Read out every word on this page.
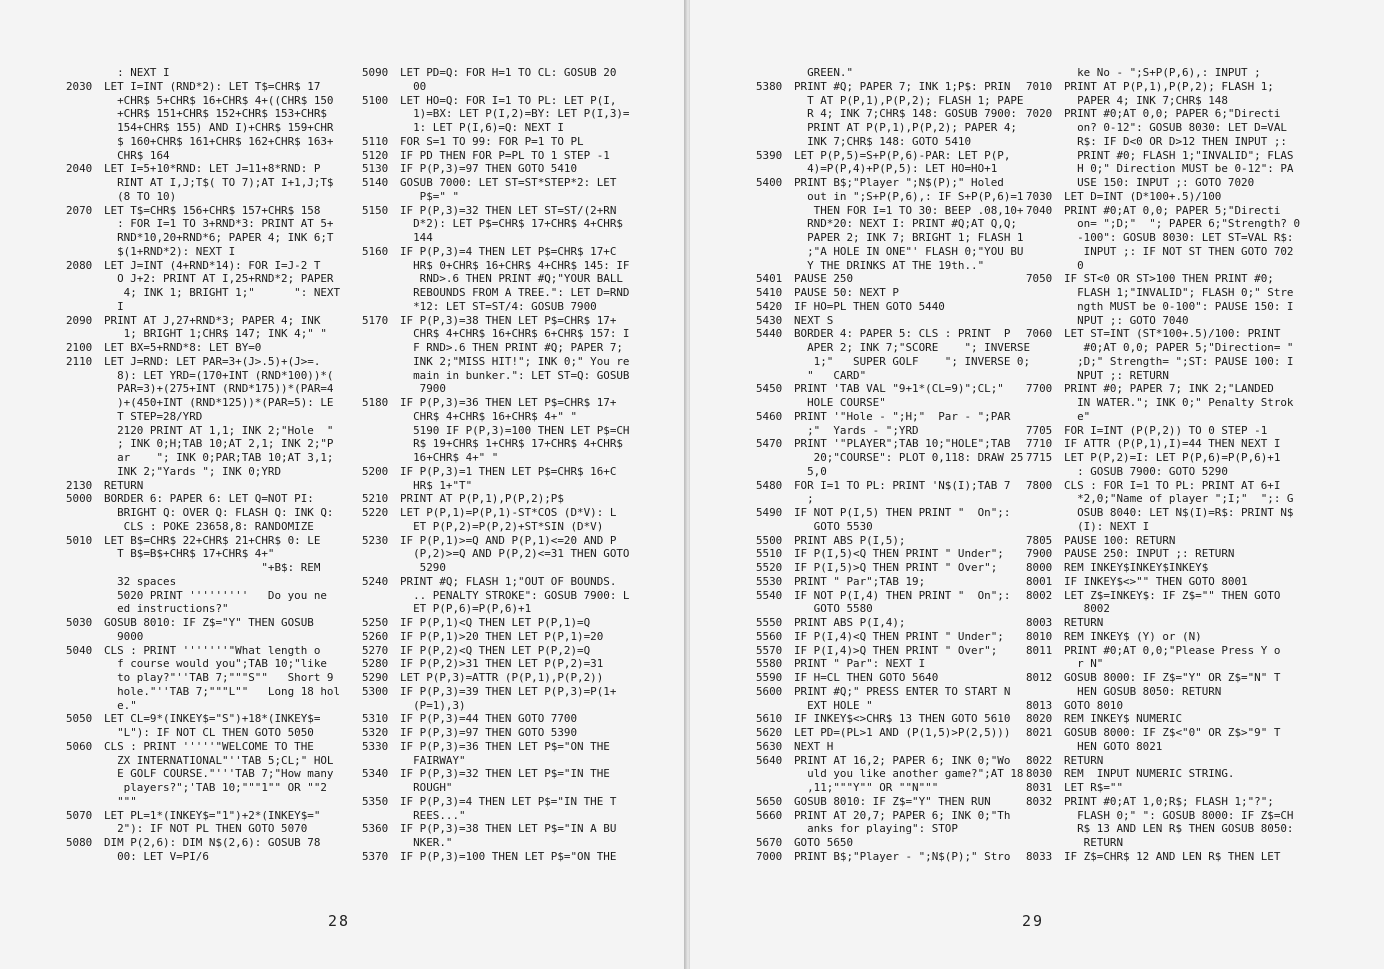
: NEXT I
2030 LET I=INT (RND*2): LET T$=CHR$ 17
+CHR$ 5+CHR$ 16+CHR$ 4+((CHR$ 150
+CHR$ 151+CHR$ 152+CHR$ 153+CHR$
154+CHR$ 155) AND I)+CHR$ 159+CHR
$ 160+CHR$ 161+CHR$ 162+CHR$ 163+
CHR$ 164
2040 LET I=5+10*RND: LET J=11+8*RND: P
RINT AT I,J;T$( TO 7);AT I+1,J;T$
(8 TO 10)
2070 LET T$=CHR$ 156+CHR$ 157+CHR$ 158
: FOR I=1 TO 3+RND*3: PRINT AT 5+
RND*10,20+RND*6; PAPER 4; INK 6;T
$(1+RND*2): NEXT I
2080 LET J=INT (4+RND*14): FOR I=J-2 T
O J+2: PRINT AT I,25+RND*2; PAPER
4; INK 1; BRIGHT 1;"      ": NEXT
I
2090 PRINT AT J,27+RND*3; PAPER 4; INK
1; BRIGHT 1;CHR$ 147; INK 4;" "
2100 LET BX=5+RND*8: LET BY=0
2110 LET J=RND: LET PAR=3+(J>.5)+(J>=.
8): LET YRD=(170+INT (RND*100))*(
PAR=3)+(275+INT (RND*175))*(PAR=4
)+(450+INT (RND*125))*(PAR=5): LE
T STEP=28/YRD
2120 PRINT AT 1,1; INK 2;"Hole  "
; INK 0;H;TAB 10;AT 2,1; INK 2;"P
ar    "; INK 0;PAR;TAB 10;AT 3,1;
INK 2;"Yards "; INK 0;YRD
2130 RETURN
5000 BORDER 6: PAPER 6: LET Q=NOT PI:
BRIGHT Q: OVER Q: FLASH Q: INK Q:
CLS : POKE 23658,8: RANDOMIZE
5010 LET B$=CHR$ 22+CHR$ 21+CHR$ 0: LE
T B$=B$+CHR$ 17+CHR$ 4+"
"+B$: REM
32 spaces
5020 PRINT '''''''''   Do you ne
ed instructions?"
5030 GOSUB 8010: IF Z$="Y" THEN GOSUB
9000
5040 CLS : PRINT '''''''"What length o
f course would you";TAB 10;"like
to play?"''TAB 7;"""S""   Short 9
hole."''TAB 7;"""L""   Long 18 hol
e."
5050 LET CL=9*(INKEY$="S")+18*(INKEY$=
"L"): IF NOT CL THEN GOTO 5050
5060 CLS : PRINT '''''"WELCOME TO THE
ZX INTERNATIONAL"''TAB 5;CL;" HOL
E GOLF COURSE."'''TAB 7;"How many
players?";'TAB 10;"""1"" OR ""2
"""
5070 LET PL=1*(INKEY$="1")+2*(INKEY$="
2"): IF NOT PL THEN GOTO 5070
5080 DIM P(2,6): DIM N$(2,6): GOSUB 78
00: LET V=PI/6
5090 LET PD=Q: FOR H=1 TO CL: GOSUB 20
00
5100 LET HO=Q: FOR I=1 TO PL: LET P(I,
1)=BX: LET P(I,2)=BY: LET P(I,3)=
1: LET P(I,6)=Q: NEXT I
5110 FOR S=1 TO 99: FOR P=1 TO PL
5120 IF PD THEN FOR P=PL TO 1 STEP -1
5130 IF P(P,3)=97 THEN GOTO 5410
5140 GOSUB 7000: LET ST=ST*STEP*2: LET
P$=" "
5150 IF P(P,3)=32 THEN LET ST=ST/(2+RN
D*2): LET P$=CHR$ 17+CHR$ 4+CHR$
144
5160 IF P(P,3)=4 THEN LET P$=CHR$ 17+C
HR$ 0+CHR$ 16+CHR$ 4+CHR$ 145: IF
RND>.6 THEN PRINT #Q;"YOUR BALL
REBOUNDS FROM A TREE.": LET D=RND
*12: LET ST=ST/4: GOSUB 7900
5170 IF P(P,3)=38 THEN LET P$=CHR$ 17+
CHR$ 4+CHR$ 16+CHR$ 6+CHR$ 157: I
F RND>.6 THEN PRINT #Q; PAPER 7;
INK 2;"MISS HIT!"; INK 0;" You re
main in bunker.": LET ST=Q: GOSUB
7900
5180 IF P(P,3)=36 THEN LET P$=CHR$ 17+
CHR$ 4+CHR$ 16+CHR$ 4+" "
5190 IF P(P,3)=100 THEN LET P$=CH
R$ 19+CHR$ 1+CHR$ 17+CHR$ 4+CHR$
16+CHR$ 4+" "
5200 IF P(P,3)=1 THEN LET P$=CHR$ 16+C
HR$ 1+"T"
5210 PRINT AT P(P,1),P(P,2);P$
5220 LET P(P,1)=P(P,1)-ST*COS (D*V): L
ET P(P,2)=P(P,2)+ST*SIN (D*V)
5230 IF P(P,1)>=Q AND P(P,1)<=20 AND P
(P,2)>=Q AND P(P,2)<=31 THEN GOTO
5290
5240 PRINT #Q; FLASH 1;"OUT OF BOUNDS.
.. PENALTY STROKE": GOSUB 7900: L
ET P(P,6)=P(P,6)+1
5250 IF P(P,1)<Q THEN LET P(P,1)=Q
5260 IF P(P,1)>20 THEN LET P(P,1)=20
5270 IF P(P,2)<Q THEN LET P(P,2)=Q
5280 IF P(P,2)>31 THEN LET P(P,2)=31
5290 LET P(P,3)=ATTR (P(P,1),P(P,2))
5300 IF P(P,3)=39 THEN LET P(P,3)=P(1+
(P=1),3)
5310 IF P(P,3)=44 THEN GOTO 7700
5320 IF P(P,3)=97 THEN GOTO 5390
5330 IF P(P,3)=36 THEN LET P$="ON THE
FAIRWAY"
5340 IF P(P,3)=32 THEN LET P$="IN THE
ROUGH"
5350 IF P(P,3)=4 THEN LET P$="IN THE T
REES..."
5360 IF P(P,3)=38 THEN LET P$="IN A BU
NKER."
5370 IF P(P,3)=100 THEN LET P$="ON THE
28
GREEN."
5380 PRINT #Q; PAPER 7; INK 1;P$: PRIN
T AT P(P,1),P(P,2); FLASH 1; PAPE
R 4; INK 7;CHR$ 148: GOSUB 7900:
PRINT AT P(P,1),P(P,2); PAPER 4;
INK 7;CHR$ 148: GOTO 5410
5390 LET P(P,5)=S+P(P,6)-PAR: LET P(P,
4)=P(P,4)+P(P,5): LET HO=HO+1
5400 PRINT B$;"Player ";N$(P);" Holed
out in ";S+P(P,6),: IF S+P(P,6)=1
THEN FOR I=1 TO 30: BEEP .08,10+
RND*20: NEXT I: PRINT #Q;AT Q,Q;
PAPER 2; INK 7; BRIGHT 1; FLASH 1
;"A HOLE IN ONE"' FLASH 0;"YOU BU
Y THE DRINKS AT THE 19th.."
5401 PAUSE 250
5410 PAUSE 50: NEXT P
5420 IF HO=PL THEN GOTO 5440
5430 NEXT S
5440 BORDER 4: PAPER 5: CLS : PRINT  P
APER 2; INK 7;"SCORE    "; INVERSE
1;"   SUPER GOLF    "; INVERSE 0;
"   CARD"
5450 PRINT 'TAB VAL "9+1*(CL=9)";CL;"
HOLE COURSE"
5460 PRINT '"Hole - ";H;"  Par - ";PAR
;"  Yards - ";YRD
5470 PRINT '"PLAYER";TAB 10;"HOLE";TAB
20;"COURSE": PLOT 0,118: DRAW 25
5,0
5480 FOR I=1 TO PL: PRINT 'N$(I);TAB 7
;
5490 IF NOT P(I,5) THEN PRINT "  On";:
GOTO 5530
5500 PRINT ABS P(I,5);
5510 IF P(I,5)<Q THEN PRINT " Under";
5520 IF P(I,5)>Q THEN PRINT " Over";
5530 PRINT " Par";TAB 19;
5540 IF NOT P(I,4) THEN PRINT "  On";:
GOTO 5580
5550 PRINT ABS P(I,4);
5560 IF P(I,4)<Q THEN PRINT " Under";
5570 IF P(I,4)>Q THEN PRINT " Over";
5580 PRINT " Par": NEXT I
5590 IF H=CL THEN GOTO 5640
5600 PRINT #Q;" PRESS ENTER TO START N
EXT HOLE "
5610 IF INKEY$<>CHR$ 13 THEN GOTO 5610
5620 LET PD=(PL>1 AND (P(1,5)>P(2,5)))
5630 NEXT H
5640 PRINT AT 16,2; PAPER 6; INK 0;"Wo
uld you like another game?";AT 18
,11;"""Y"" OR ""N"""
5650 GOSUB 8010: IF Z$="Y" THEN RUN
5660 PRINT AT 20,7; PAPER 6; INK 0;"Th
anks for playing": STOP
5670 GOTO 5650
7000 PRINT B$;"Player - ";N$(P);" Stro
ke No - ";S+P(P,6),: INPUT ;
7010 PRINT AT P(P,1),P(P,2); FLASH 1;
PAPER 4; INK 7;CHR$ 148
7020 PRINT #0;AT 0,0; PAPER 6;"Directi
on? 0-12": GOSUB 8030: LET D=VAL
R$: IF D<0 OR D>12 THEN INPUT ;:
PRINT #0; FLASH 1;"INVALID"; FLAS
H 0;" Direction MUST be 0-12": PA
USE 150: INPUT ;: GOTO 7020
7030 LET D=INT (D*100+.5)/100
7040 PRINT #0;AT 0,0; PAPER 5;"Directi
on= ";D;"  "; PAPER 6;"Strength? 0
-100": GOSUB 8030: LET ST=VAL R$:
INPUT ;: IF NOT ST THEN GOTO 702
0
7050 IF ST<0 OR ST>100 THEN PRINT #0;
FLASH 1;"INVALID"; FLASH 0;" Stre
ngth MUST be 0-100": PAUSE 150: I
NPUT ;: GOTO 7040
7060 LET ST=INT (ST*100+.5)/100: PRINT
#0;AT 0,0; PAPER 5;"Direction= "
;D;" Strength= ";ST: PAUSE 100: I
NPUT ;: RETURN
7700 PRINT #0; PAPER 7; INK 2;"LANDED
IN WATER."; INK 0;" Penalty Strok
e"
7705 FOR I=INT (P(P,2)) TO 0 STEP -1
7710 IF ATTR (P(P,1),I)=44 THEN NEXT I
7715 LET P(P,2)=I: LET P(P,6)=P(P,6)+1
: GOSUB 7900: GOTO 5290
7800 CLS : FOR I=1 TO PL: PRINT AT 6+I
*2,0;"Name of player ";I;"  ";: G
OSUB 8040: LET N$(I)=R$: PRINT N$
(I): NEXT I
7805 PAUSE 100: RETURN
7900 PAUSE 250: INPUT ;: RETURN
8000 REM INKEY$INKEY$INKEY$
8001 IF INKEY$<>"" THEN GOTO 8001
8002 LET Z$=INKEY$: IF Z$="" THEN GOTO
8002
8003 RETURN
8010 REM INKEY$ (Y) or (N)
8011 PRINT #0;AT 0,0;"Please Press Y o
r N"
8012 GOSUB 8000: IF Z$="Y" OR Z$="N" T
HEN GOSUB 8050: RETURN
8013 GOTO 8010
8020 REM INKEY$ NUMERIC
8021 GOSUB 8000: IF Z$<"0" OR Z$>"9" T
HEN GOTO 8021
8022 RETURN
8030 REM  INPUT NUMERIC STRING.
8031 LET R$=""
8032 PRINT #0;AT 1,0;R$; FLASH 1;"?";
FLASH 0;" ": GOSUB 8000: IF Z$=CH
R$ 13 AND LEN R$ THEN GOSUB 8050:
RETURN
8033 IF Z$=CHR$ 12 AND LEN R$ THEN LET
29
